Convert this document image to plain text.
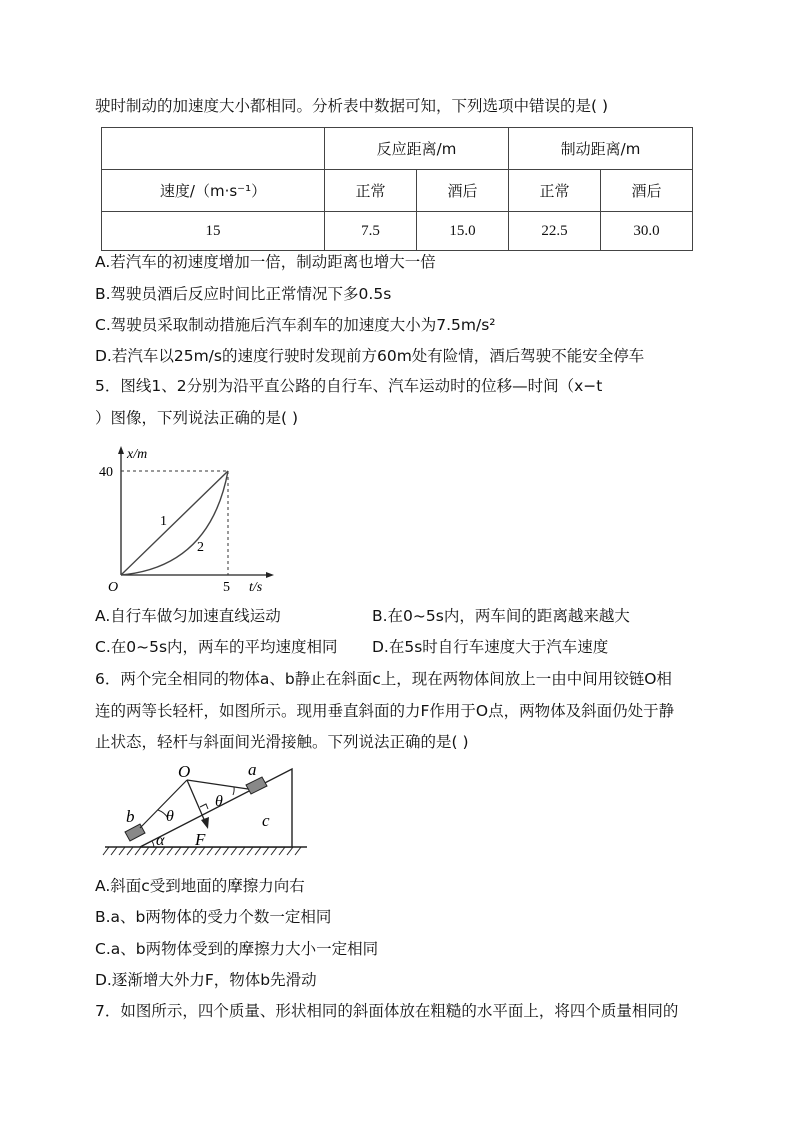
驶时制动的加速度大小都相同。分析表中数据可知，下列选项中错误的是( )
	反应距离/m		制动距离/m	
速度/（m·s⁻¹）	正常	酒后	正常	酒后
15	7.5	15.0	22.5	30.0
A.若汽车的初速度增加一倍，制动距离也增大一倍
B.驾驶员酒后反应时间比正常情况下多0.5s
C.驾驶员采取制动措施后汽车刹车的加速度大小为7.5m/s²
D.若汽车以25m/s的速度行驶时发现前方60m处有险情，酒后驾驶不能安全停车
5．图线1、2分别为沿平直公路的自行车、汽车运动时的位移—时间（x−t
）图像，下列说法正确的是( )
x/m
t/s
O
40
5
1
2
A.自行车做匀加速直线运动	B.在0~5s内，两车间的距离越来越大
C.在0~5s内，两车的平均速度相同 D.在5s时自行车速度大于汽车速度
6．两个完全相同的物体a、b静止在斜面c上，现在两物体间放上一由中间用铰链O相
连的两等长轻杆，如图所示。现用垂直斜面的力F作用于O点，两物体及斜面仍处于静
止状态，轻杆与斜面间光滑接触。下列说法正确的是( )
O	a
b	c
F
θ
θ
α
A.斜面c受到地面的摩擦力向右
B.a、b两物体的受力个数一定相同
C.a、b两物体受到的摩擦力大小一定相同
D.逐渐增大外力F，物体b先滑动
7．如图所示，四个质量、形状相同的斜面体放在粗糙的水平面上，将四个质量相同的
